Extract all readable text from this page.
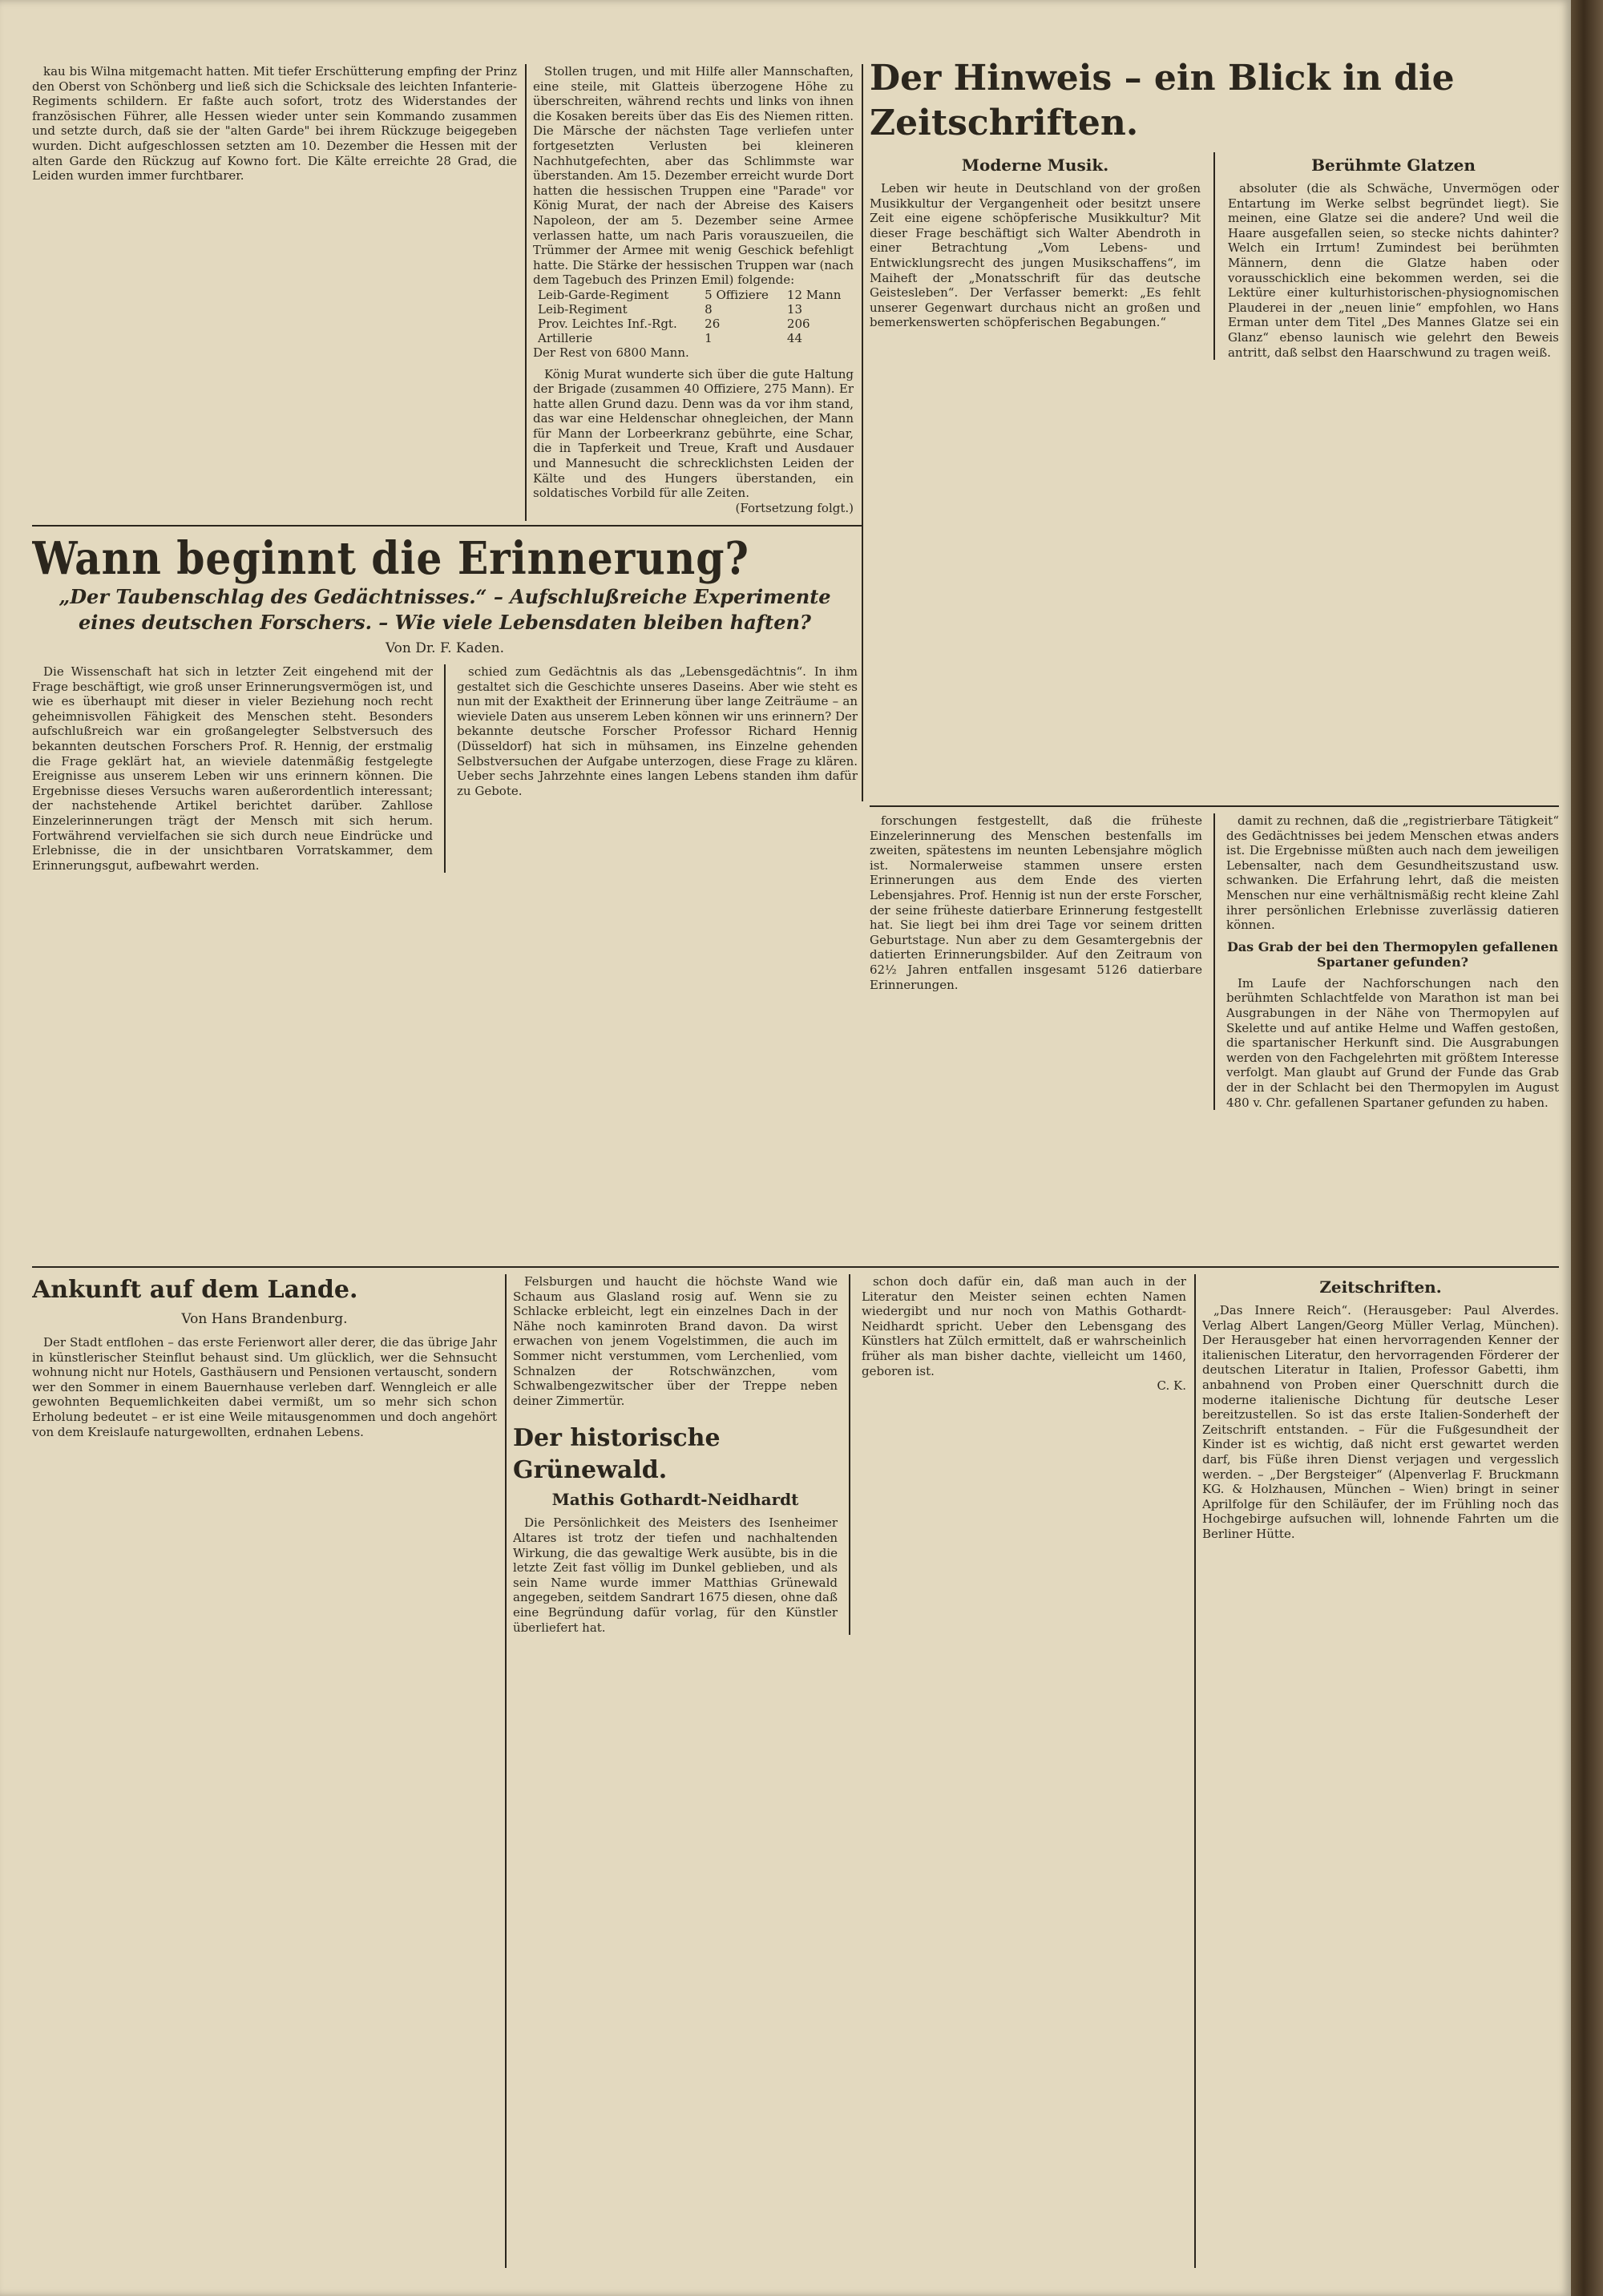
kau bis Wilna mitgemacht hatten. Mit tiefer Erschütterung empfing der Prinz den Oberst von Schönberg und ließ sich die Schicksale des leichten Infanterie-Regiments schildern. Er faßte auch sofort, trotz des Widerstandes der französischen Führer, alle Hessen wieder unter sein Kommando zusammen und setzte durch, daß sie der "alten Garde" bei ihrem Rückzuge beigegeben wurden. Dicht aufgeschlossen setzten am 10. Dezember die Hessen mit der alten Garde den Rückzug auf Kowno fort. Die Kälte erreichte 28 Grad, die Leiden wurden immer furchtbarer.

Stollen trugen, und mit Hilfe aller Mannschaften, eine steile, mit Glatteis überzogene Höhe zu überschreiten, während rechts und links von ihnen die Kosaken bereits über das Eis des Niemen ritten. Die Märsche der nächsten Tage verliefen unter fortgesetzten Verlusten bei kleineren Nachhutgefechten, aber das Schlimmste war überstanden. Am 15. Dezember erreicht wurde Dort hatten die hessischen Truppen eine "Parade" vor König Murat, der nach der Abreise des Kaisers Napoleon, der am 5. Dezember seine Armee verlassen hatte, um nach Paris vorauszueilen, die Trümmer der Armee mit wenig Geschick befehligt hatte. Die Stärke der hessischen Truppen war (nach dem Tagebuch des Prinzen Emil) folgende:

Leib-Garde-Regiment	5 Offiziere	12 Mann
Leib-Regiment	8	13
Prov. Leichtes Inf.-Rgt.	26	206
Artillerie	1	44

Der Rest von 6800 Mann.

König Murat wunderte sich über die gute Haltung der Brigade (zusammen 40 Offiziere, 275 Mann). Er hatte allen Grund dazu. Denn was da vor ihm stand, das war eine Heldenschar ohnegleichen, der Mann für Mann der Lorbeerkranz gebührte, eine Schar, die in Tapferkeit und Treue, Kraft und Ausdauer und Mannesucht die schrecklichsten Leiden der Kälte und des Hungers überstanden, ein soldatisches Vorbild für alle Zeiten.

(Fortsetzung folgt.)

Der Hinweis – ein Blick in die Zeitschriften.

Moderne Musik.

Leben wir heute in Deutschland von der großen Musikkultur der Vergangenheit oder besitzt unsere Zeit eine eigene schöpferische Musikkultur? Mit dieser Frage beschäftigt sich Walter Abendroth in einer Betrachtung „Vom Lebens- und Entwicklungsrecht des jungen Musikschaffens“, im Maiheft der „Monatsschrift für das deutsche Geistesleben“. Der Verfasser bemerkt: „Es fehlt unserer Gegenwart durchaus nicht an großen und bemerkenswerten schöpferischen Begabungen.“

Berühmte Glatzen

absoluter (die als Schwäche, Unvermögen oder Entartung im Werke selbst begründet liegt). Sie meinen, eine Glatze sei die andere? Und weil die Haare ausgefallen seien, so stecke nichts dahinter? Welch ein Irrtum! Zumindest bei berühmten Männern, denn die Glatze haben oder vorausschicklich eine bekommen werden, sei die Lektüre einer kulturhistorischen-physiognomischen Plauderei in der „neuen linie“ empfohlen, wo Hans Erman unter dem Titel „Des Mannes Glatze sei ein Glanz“ ebenso launisch wie gelehrt den Beweis antritt, daß selbst den Haarschwund zu tragen weiß.

Wann beginnt die Erinnerung?

„Der Taubenschlag des Gedächtnisses.“ – Aufschlußreiche Experimente eines deutschen Forschers. – Wie viele Lebensdaten bleiben haften?

Von Dr. F. Kaden.

Die Wissenschaft hat sich in letzter Zeit eingehend mit der Frage beschäftigt, wie groß unser Erinnerungsvermögen ist, und wie es überhaupt mit dieser in vieler Beziehung noch recht geheimnisvollen Fähigkeit des Menschen steht. Besonders aufschlußreich war ein großangelegter Selbstversuch des bekannten deutschen Forschers Prof. R. Hennig, der erstmalig die Frage geklärt hat, an wieviele datenmäßig festgelegte Ereignisse aus unserem Leben wir uns erinnern können. Die Ergebnisse dieses Versuchs waren außerordentlich interessant; der nachstehende Artikel berichtet darüber. Zahllose Einzelerinnerungen trägt der Mensch mit sich herum. Fortwährend vervielfachen sie sich durch neue Eindrücke und Erlebnisse, die in der unsichtbaren Vorratskammer, dem Erinnerungsgut, aufbewahrt werden.

schied zum Gedächtnis als das „Lebensgedächtnis“. In ihm gestaltet sich die Geschichte unseres Daseins. Aber wie steht es nun mit der Exaktheit der Erinnerung über lange Zeiträume – an wieviele Daten aus unserem Leben können wir uns erinnern? Der bekannte deutsche Forscher Professor Richard Hennig (Düsseldorf) hat sich in mühsamen, ins Einzelne gehenden Selbstversuchen der Aufgabe unterzogen, diese Frage zu klären. Ueber sechs Jahrzehnte eines langen Lebens standen ihm dafür zu Gebote.

forschungen festgestellt, daß die früheste Einzelerinnerung des Menschen bestenfalls im zweiten, spätestens im neunten Lebensjahre möglich ist. Normalerweise stammen unsere ersten Erinnerungen aus dem Ende des vierten Lebensjahres. Prof. Hennig ist nun der erste Forscher, der seine früheste datierbare Erinnerung festgestellt hat. Sie liegt bei ihm drei Tage vor seinem dritten Geburtstage. Nun aber zu dem Gesamtergebnis der datierten Erinnerungsbilder. Auf den Zeitraum von 62½ Jahren entfallen insgesamt 5126 datierbare Erinnerungen.

damit zu rechnen, daß die „registrierbare Tätigkeit“ des Gedächtnisses bei jedem Menschen etwas anders ist. Die Ergebnisse müßten auch nach dem jeweiligen Lebensalter, nach dem Gesundheitszustand usw. schwanken. Die Erfahrung lehrt, daß die meisten Menschen nur eine verhältnismäßig recht kleine Zahl ihrer persönlichen Erlebnisse zuverlässig datieren können.

Das Grab der bei den Thermopylen gefallenen Spartaner gefunden?

Im Laufe der Nachforschungen nach den berühmten Schlachtfelde von Marathon ist man bei Ausgrabungen in der Nähe von Thermopylen auf Skelette und auf antike Helme und Waffen gestoßen, die spartanischer Herkunft sind. Die Ausgrabungen werden von den Fachgelehrten mit größtem Interesse verfolgt. Man glaubt auf Grund der Funde das Grab der in der Schlacht bei den Thermopylen im August 480 v. Chr. gefallenen Spartaner gefunden zu haben.

Ankunft auf dem Lande.

Von Hans Brandenburg.

Der Stadt entflohen – das erste Ferienwort aller derer, die das übrige Jahr in künstlerischer Steinflut behaust sind. Um glücklich, wer die Sehnsucht wohnung nicht nur Hotels, Gasthäusern und Pensionen vertauscht, sondern wer den Sommer in einem Bauernhause verleben darf. Wenngleich er alle gewohnten Bequemlichkeiten dabei vermißt, um so mehr sich schon Erholung bedeutet – er ist eine Weile mitausgenommen und doch angehört von dem Kreislaufe naturgewollten, erdnahen Lebens.

Felsburgen und haucht die höchste Wand wie Schaum aus Glasland rosig auf. Wenn sie zu Schlacke erbleicht, legt ein einzelnes Dach in der Nähe noch kaminroten Brand davon. Da wirst erwachen von jenem Vogelstimmen, die auch im Sommer nicht verstummen, vom Lerchenlied, vom Schnalzen der Rotschwänzchen, vom Schwalbengezwitscher über der Treppe neben deiner Zimmertür.

Der historische Grünewald.

Mathis Gothardt-Neidhardt

Die Persönlichkeit des Meisters des Isenheimer Altares ist trotz der tiefen und nachhaltenden Wirkung, die das gewaltige Werk ausübte, bis in die letzte Zeit fast völlig im Dunkel geblieben, und als sein Name wurde immer Matthias Grünewald angegeben, seitdem Sandrart 1675 diesen, ohne daß eine Begründung dafür vorlag, für den Künstler überliefert hat.

schon doch dafür ein, daß man auch in der Literatur den Meister seinen echten Namen wiedergibt und nur noch von Mathis Gothardt-Neidhardt spricht. Ueber den Lebensgang des Künstlers hat Zülch ermittelt, daß er wahrscheinlich früher als man bisher dachte, vielleicht um 1460, geboren ist.

C. K.

Zeitschriften.

„Das Innere Reich“. (Herausgeber: Paul Alverdes. Verlag Albert Langen/Georg Müller Verlag, München). Der Herausgeber hat einen hervorragenden Kenner der italienischen Literatur, den hervorragenden Förderer der deutschen Literatur in Italien, Professor Gabetti, ihm anbahnend von Proben einer Querschnitt durch die moderne italienische Dichtung für deutsche Leser bereitzustellen. So ist das erste Italien-Sonderheft der Zeitschrift entstanden. – Für die Fußgesundheit der Kinder ist es wichtig, daß nicht erst gewartet werden darf, bis Füße ihren Dienst verjagen und vergesslich werden. – „Der Bergsteiger“ (Alpenverlag F. Bruckmann KG. & Holzhausen, München – Wien) bringt in seiner Aprilfolge für den Schiläufer, der im Frühling noch das Hochgebirge aufsuchen will, lohnende Fahrten um die Berliner Hütte.
